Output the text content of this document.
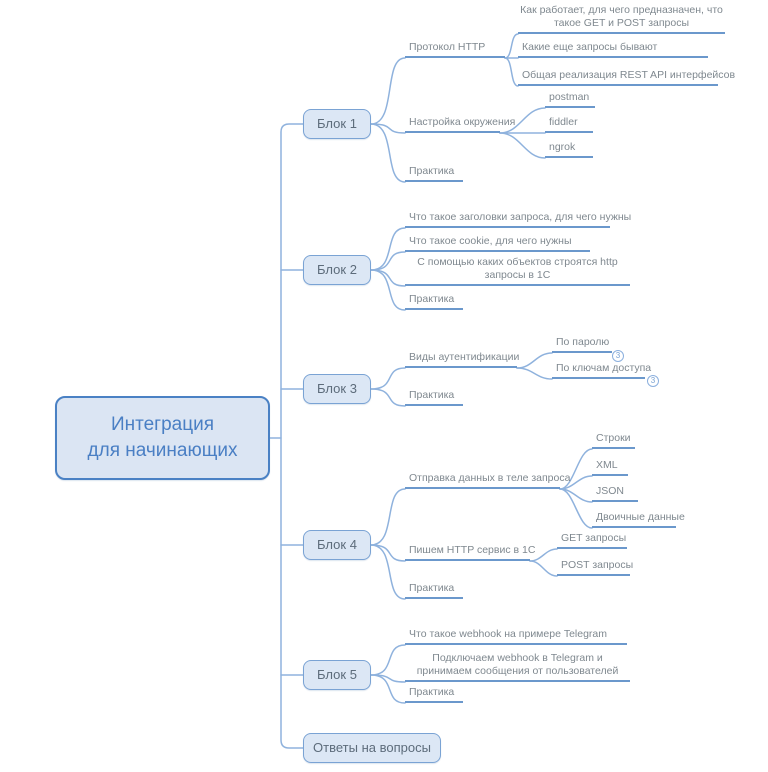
Интеграция
для начинающих
Блок 1
Блок 2
Блок 3
Блок 4
Блок 5
Ответы на вопросы
Протокол HTTP
Как работает, для чего предназначен, что такое GET и POST запросы
Какие еще запросы бывают
Общая реализация REST API интерфейсов
Настройка окружения
postman
fiddler
ngrok
Практика
Что такое заголовки запроса, для чего нужны
Что такое cookie, для чего нужны
С помощью каких объектов строятся http запросы в 1С
Практика
Виды аутентификации
По паролю
3
По ключам доступа
3
Практика
Отправка данных в теле запроса
Строки
XML
JSON
Двоичные данные
Пишем HTTP сервис в 1С
GET запросы
POST запросы
Практика
Что такое webhook на примере Telegram
Подключаем webhook в Telegram и принимаем сообщения от пользователей
Практика
